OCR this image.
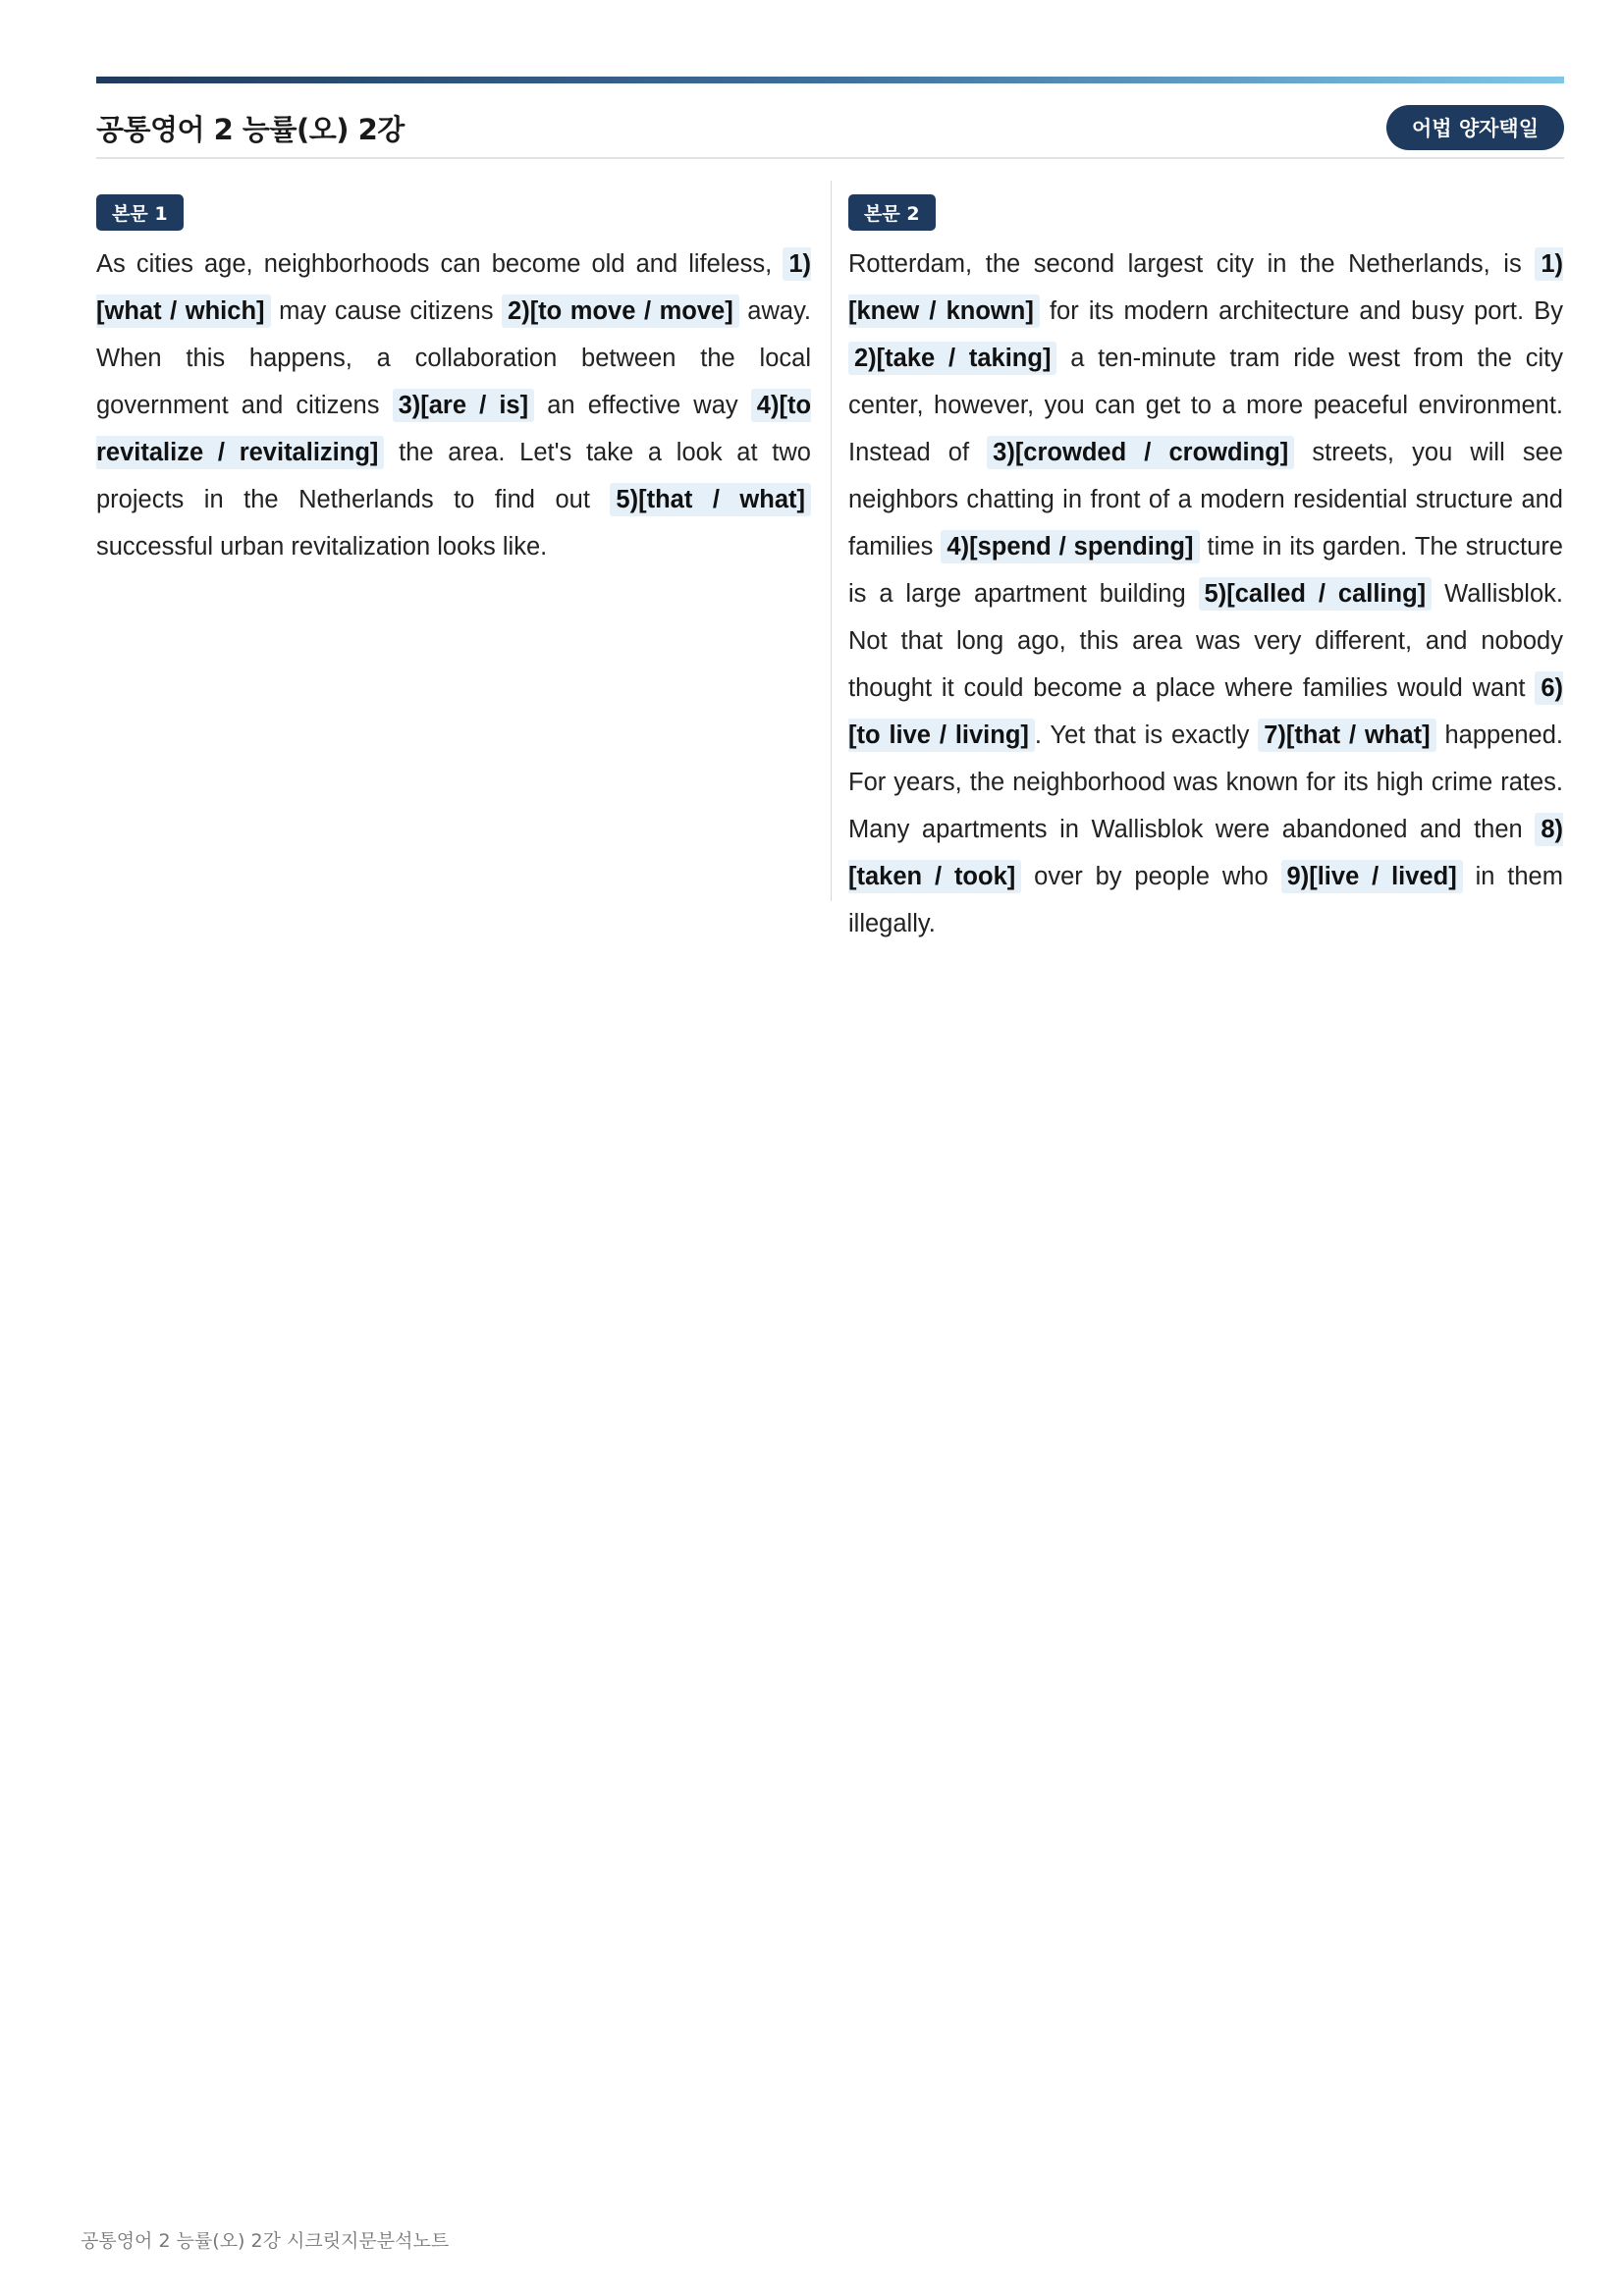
공통영어 2 능률(오) 2강	어법 양자택일
본문 1

As cities age, neighborhoods can become old and lifeless, 1)[what / which] may cause citizens 2)[to move / move] away. When this happens, a collaboration between the local government and citizens 3)[are / is] an effective way 4)[to revitalize / revitalizing] the area. Let's take a look at two projects in the Netherlands to find out 5)[that / what] successful urban revitalization looks like.

본문 2

Rotterdam, the second largest city in the Netherlands, is 1)[knew / known] for its modern architecture and busy port. By 2)[take / taking] a ten-minute tram ride west from the city center, however, you can get to a more peaceful environment. Instead of 3)[crowded / crowding] streets, you will see neighbors chatting in front of a modern residential structure and families 4)[spend / spending] time in its garden. The structure is a large apartment building 5)[called / calling] Wallisblok. Not that long ago, this area was very different, and nobody thought it could become a place where families would want 6)[to live / living] . Yet that is exactly 7)[that / what] happened. For years, the neighborhood was known for its high crime rates. Many apartments in Wallisblok were abandoned and then 8)[taken / took] over by people who 9)[live / lived] in them illegally.

공통영어 2 능률(오) 2강 시크릿지문분석노트
